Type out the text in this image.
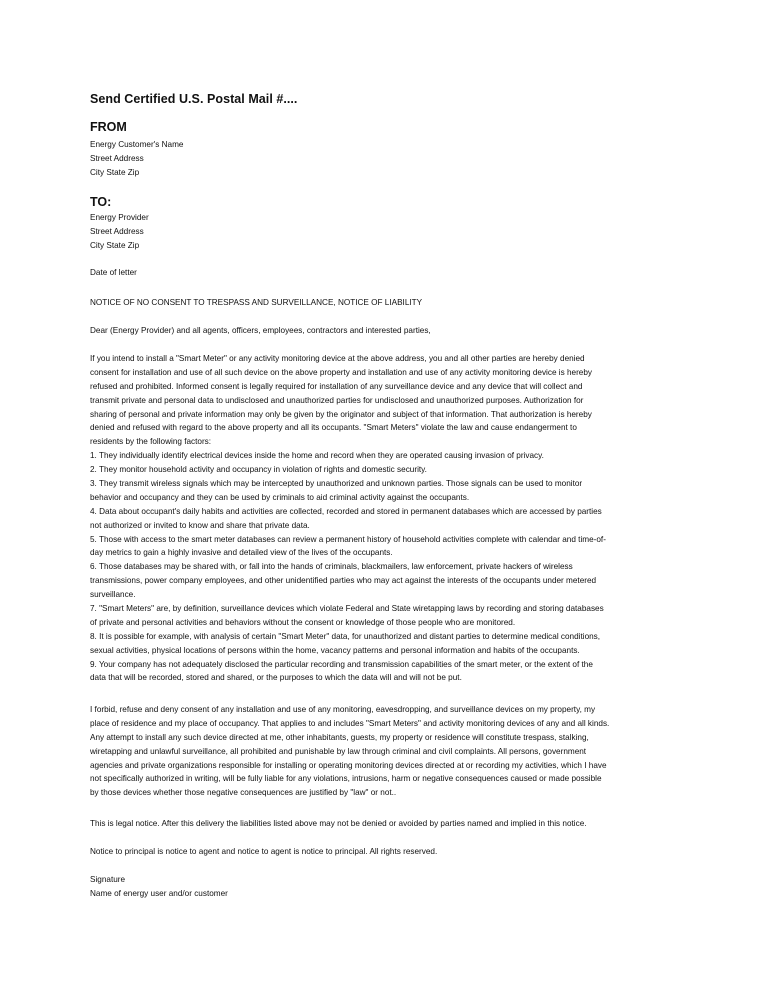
Send Certified U.S. Postal Mail #....
FROM
Energy Customer's Name
Street Address
City State Zip
TO:
Energy Provider
Street Address
City State Zip
Date of letter
NOTICE OF NO CONSENT TO TRESPASS AND SURVEILLANCE, NOTICE OF LIABILITY
Dear (Energy Provider) and all agents, officers, employees, contractors and interested parties,
If you intend to install a "Smart Meter" or any activity monitoring device at the above address, you and all other parties are hereby denied
consent for installation and use of all such device on the above property and installation and use of any activity monitoring device is hereby
refused and prohibited. Informed consent is legally required for installation of any surveillance device and any device that will collect and
transmit private and personal data to undisclosed and unauthorized parties for undisclosed and unauthorized purposes. Authorization for
sharing of personal and private information may only be given by the originator and subject of that information. That authorization is hereby
denied and refused with regard to the above property and all its occupants. "Smart Meters" violate the law and cause endangerment to
residents by the following factors:
1. They individually identify electrical devices inside the home and record when they are operated causing invasion of privacy.
2. They monitor household activity and occupancy in violation of rights and domestic security.
3. They transmit wireless signals which may be intercepted by unauthorized and unknown parties. Those signals can be used to monitor
behavior and occupancy and they can be used by criminals to aid criminal activity against the occupants.
4. Data about occupant's daily habits and activities are collected, recorded and stored in permanent databases which are accessed by parties
not authorized or invited to know and share that private data.
5. Those with access to the smart meter databases can review a permanent history of household activities complete with calendar and time-of-
day metrics to gain a highly invasive and detailed view of the lives of the occupants.
6. Those databases may be shared with, or fall into the hands of criminals, blackmailers, law enforcement, private hackers of wireless
transmissions, power company employees, and other unidentified parties who may act against the interests of the occupants under metered
surveillance.
7. "Smart Meters" are, by definition, surveillance devices which violate Federal and State wiretapping laws by recording and storing databases
of private and personal activities and behaviors without the consent or knowledge of those people who are monitored.
8. It is possible for example, with analysis of certain "Smart Meter" data, for unauthorized and distant parties to determine medical conditions,
sexual activities, physical locations of persons within the home, vacancy patterns and personal information and habits of the occupants.
9. Your company has not adequately disclosed the particular recording and transmission capabilities of the smart meter, or the extent of the
data that will be recorded, stored and shared, or the purposes to which the data will and will not be put.
I forbid, refuse and deny consent of any installation and use of any monitoring, eavesdropping, and surveillance devices on my property, my
place of residence and my place of occupancy. That applies to and includes "Smart Meters" and activity monitoring devices of any and all kinds.
Any attempt to install any such device directed at me, other inhabitants, guests, my property or residence will constitute trespass, stalking,
wiretapping and unlawful surveillance, all prohibited and punishable by law through criminal and civil complaints. All persons, government
agencies and private organizations responsible for installing or operating monitoring devices directed at or recording my activities, which I have
not specifically authorized in writing, will be fully liable for any violations, intrusions, harm or negative consequences caused or made possible
by those devices whether those negative consequences are justified by "law" or not..
This is legal notice. After this delivery the liabilities listed above may not be denied or avoided by parties named and implied in this notice.
Notice to principal is notice to agent and notice to agent is notice to principal. All rights reserved.
Signature
Name of energy user and/or customer
